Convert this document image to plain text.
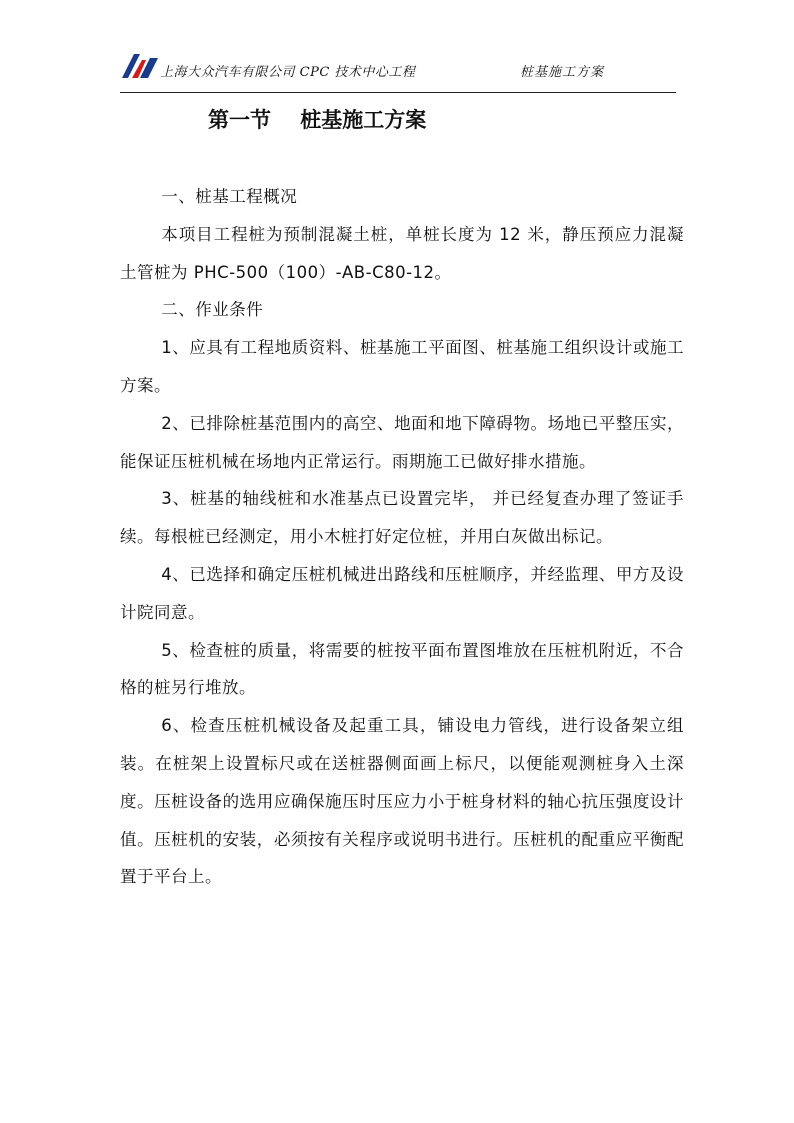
上海大众汽车有限公司 CPC 技术中心工程	桩基施工方案
第一节    桩基施工方案

一、桩基工程概况

本项目工程桩为预制混凝土桩，单桩长度为 12 米，静压预应力混凝土管桩为 PHC-500（100）-AB-C80-12。

二、作业条件

1、应具有工程地质资料、桩基施工平面图、桩基施工组织设计或施工方案。

2、已排除桩基范围内的高空、地面和地下障碍物。场地已平整压实，能保证压桩机械在场地内正常运行。雨期施工已做好排水措施。

3、桩基的轴线桩和水准基点已设置完毕， 并已经复查办理了签证手续。每根桩已经测定，用小木桩打好定位桩，并用白灰做出标记。

4、已选择和确定压桩机械进出路线和压桩顺序，并经监理、甲方及设计院同意。

5、检查桩的质量，将需要的桩按平面布置图堆放在压桩机附近，不合格的桩另行堆放。

6、检查压桩机械设备及起重工具，铺设电力管线，进行设备架立组装。在桩架上设置标尺或在送桩器侧面画上标尺，以便能观测桩身入土深度。压桩设备的选用应确保施压时压应力小于桩身材料的轴心抗压强度设计值。压桩机的安装，必须按有关程序或说明书进行。压桩机的配重应平衡配置于平台上。
